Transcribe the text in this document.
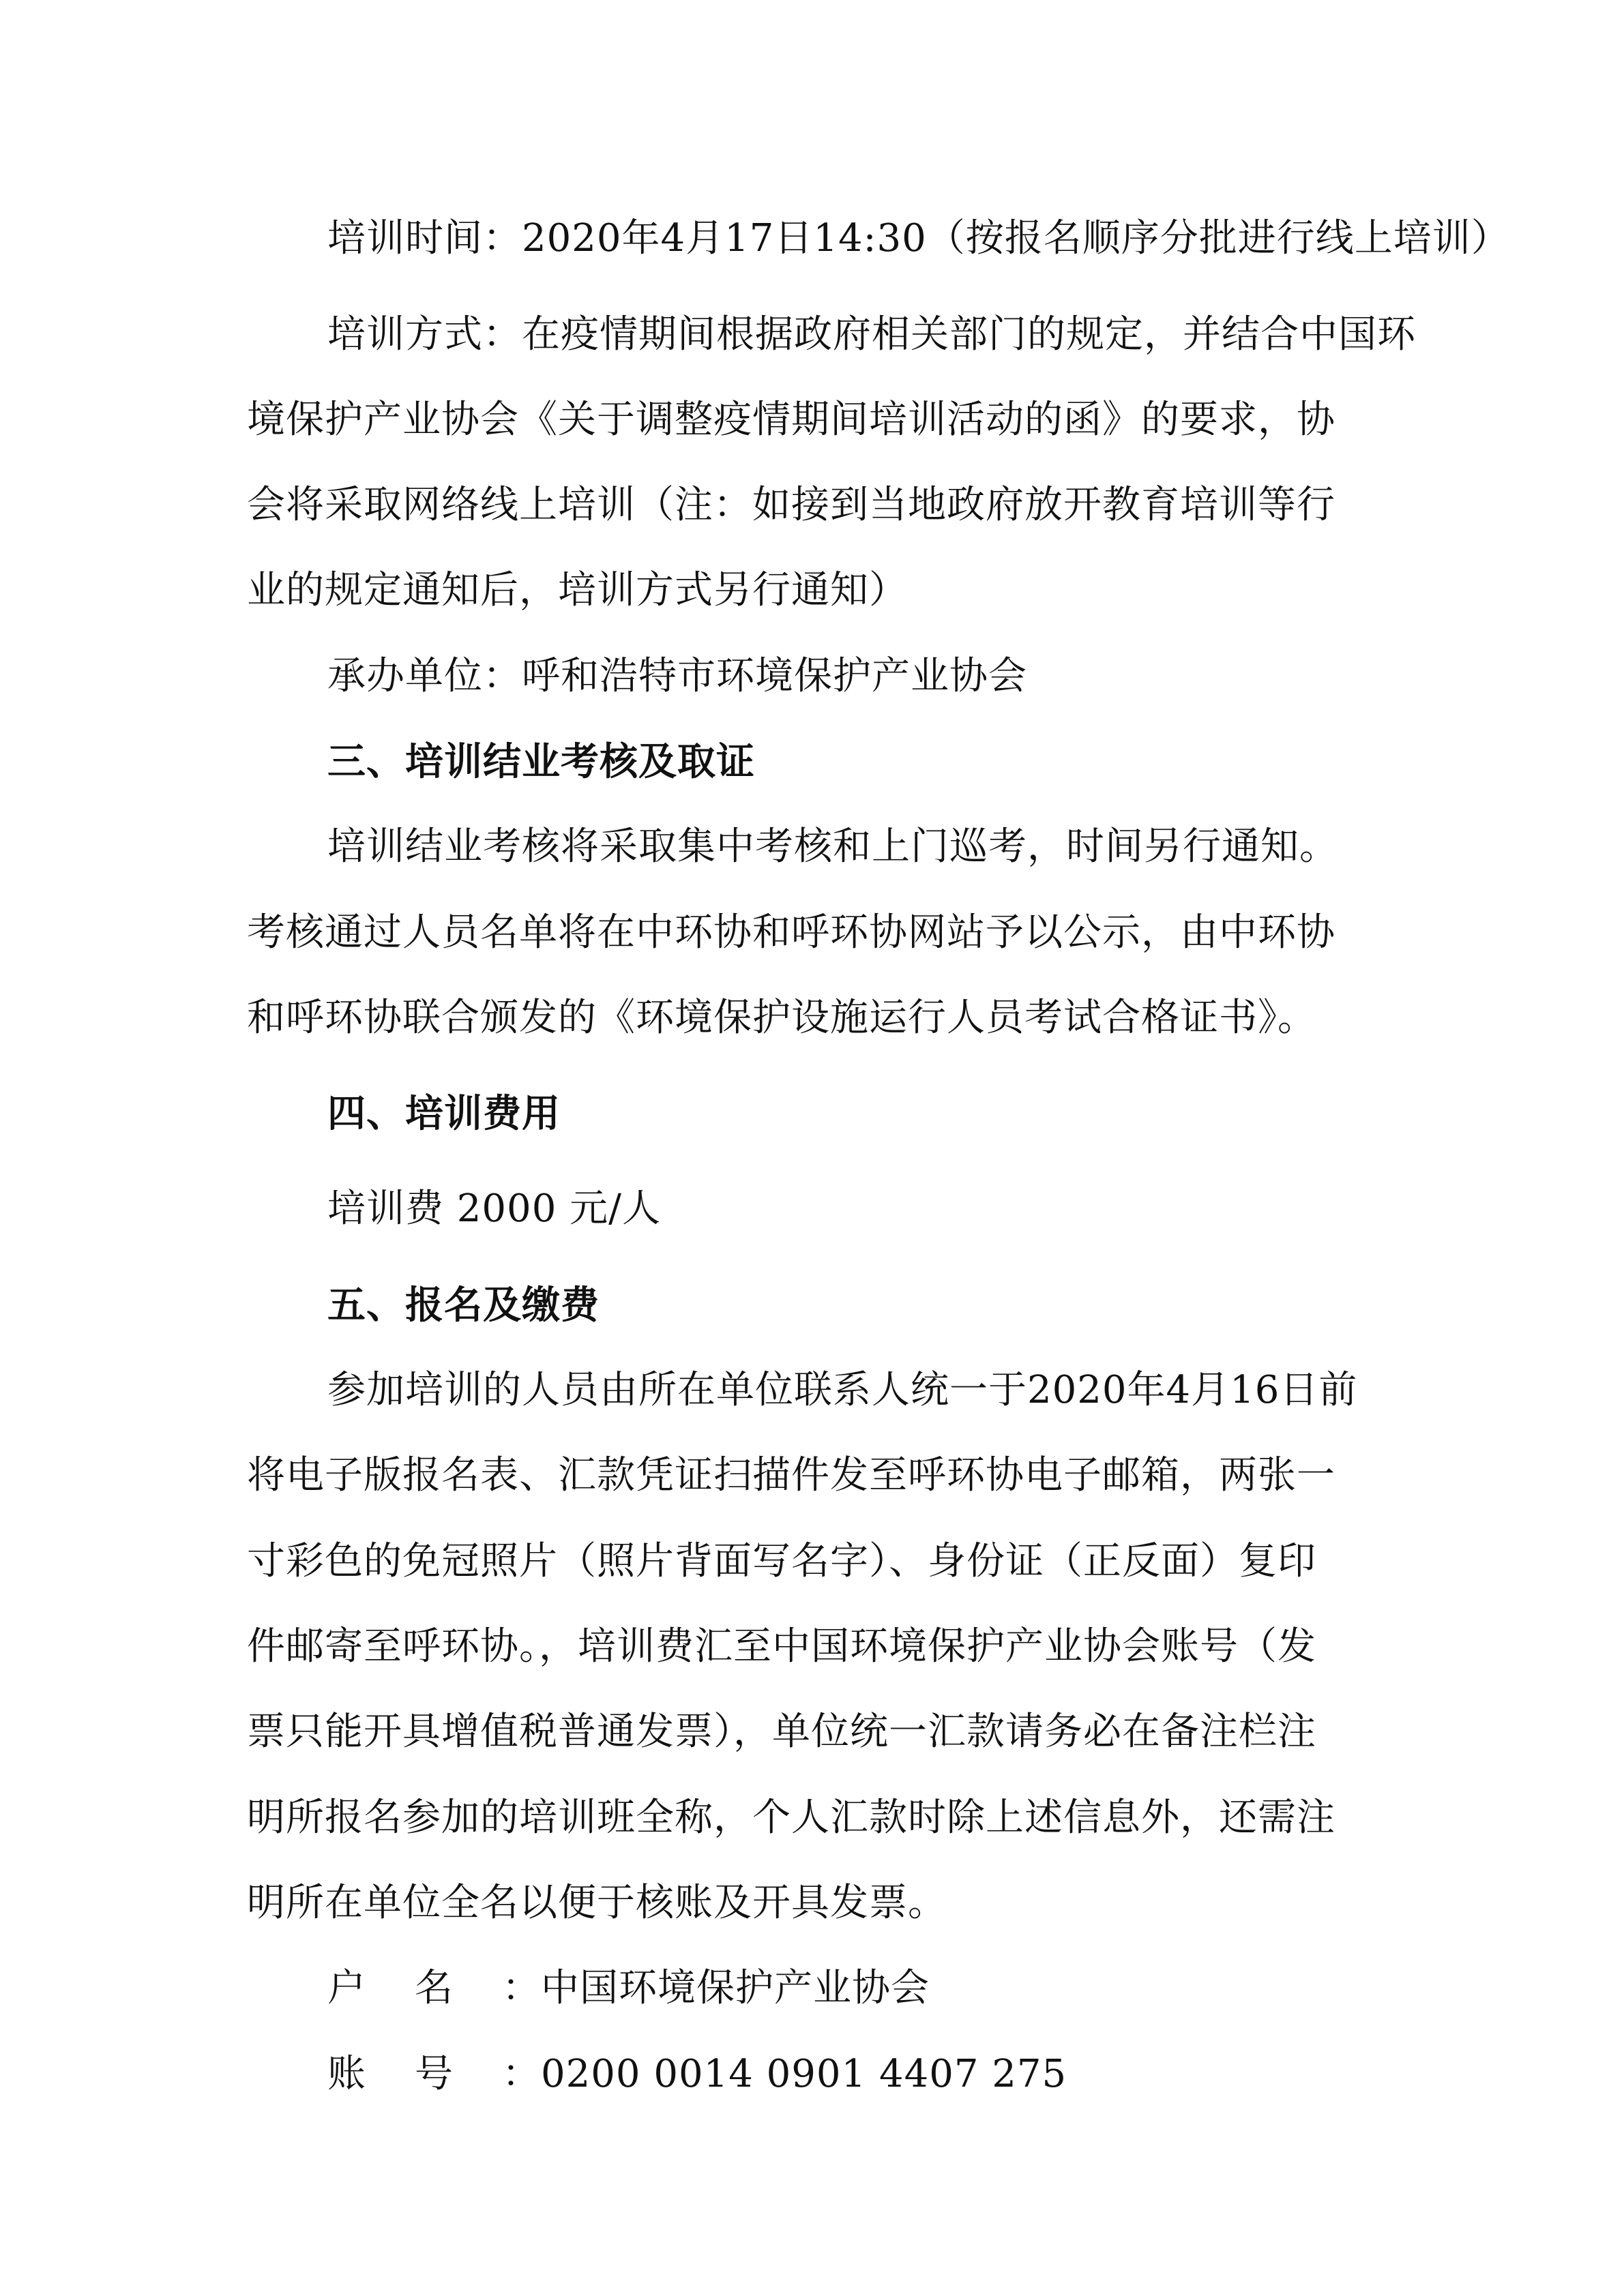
培训时间：2020年4月17日14:30（按报名顺序分批进行线上培训）
培训方式：在疫情期间根据政府相关部门的规定，并结合中国环
境保护产业协会《关于调整疫情期间培训活动的函》的要求，协
会将采取网络线上培训（注：如接到当地政府放开教育培训等行
业的规定通知后，培训方式另行通知）
承办单位：呼和浩特市环境保护产业协会
三、培训结业考核及取证
培训结业考核将采取集中考核和上门巡考，时间另行通知。
考核通过人员名单将在中环协和呼环协网站予以公示，由中环协
和呼环协联合颁发的《环境保护设施运行人员考试合格证书》。
四、培训费用
培训费 2000 元/人
五、报名及缴费
参加培训的人员由所在单位联系人统一于2020年4月16日前
将电子版报名表、汇款凭证扫描件发至呼环协电子邮箱，两张一
寸彩色的免冠照片（照片背面写名字）、身份证（正反面）复印
件邮寄至呼环协。，培训费汇至中国环境保护产业协会账号（发
票只能开具增值税普通发票），单位统一汇款请务必在备注栏注
明所报名参加的培训班全称，个人汇款时除上述信息外，还需注
明所在单位全名以便于核账及开具发票。
户名：中国环境保护产业协会
账号：0200 0014 0901 4407 275
